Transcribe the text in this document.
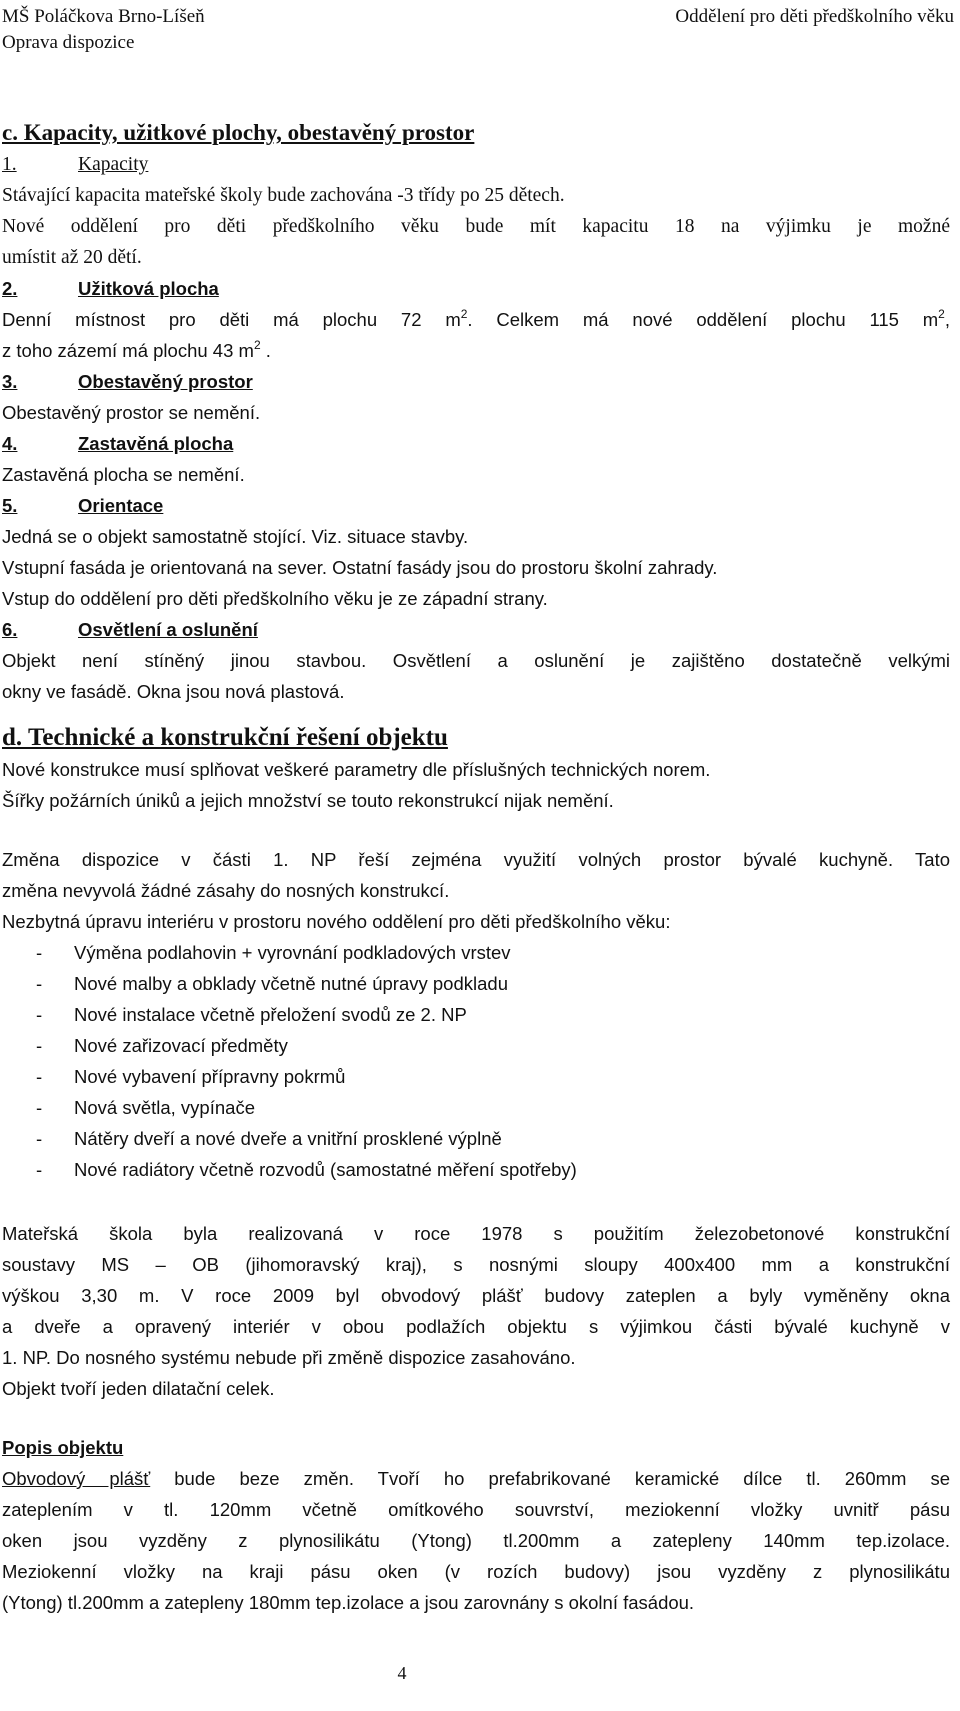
MŠ Poláčkova Brno-Líšeň
Oprava dispozice
Oddělení pro děti předškolního věku
c. Kapacity, užitkové plochy, obestavěný prostor
1.	Kapacity

Stávající kapacita mateřské školy bude zachována -3 třídy po 25 dětech.

Nové oddělení pro děti předškolního věku bude mít kapacitu 18 na výjimku je možné

umístit až 20 dětí.

2.	Užitková plocha

Denní místnost pro děti má plochu 72 $m^2$. Celkem má nové oddělení plochu 115 $m^2$,

z toho zázemí má plochu 43 $m^2$ .

3.	Obestavěný prostor

Obestavěný prostor se nemění.

4.	Zastavěná plocha

Zastavěná plocha se nemění.

5.	Orientace

Jedná se o objekt samostatně stojící. Viz. situace stavby.

Vstupní fasáda je orientovaná na sever. Ostatní fasády jsou do prostoru školní zahrady.

Vstup do oddělení pro děti předškolního věku je ze západní strany.

6.	Osvětlení a oslunění

Objekt není stíněný jinou stavbou. Osvětlení a oslunění je zajištěno dostatečně velkými

okny ve fasádě. Okna jsou nová plastová.

d. Technické a konstrukční řešení objektu

Nové konstrukce musí splňovat veškeré parametry dle příslušných technických norem.

Šířky požárních úniků a jejich množství se touto rekonstrukcí nijak nemění.

Změna dispozice v části 1. NP řeší zejména využití volných prostor bývalé kuchyně. Tato

změna nevyvolá žádné zásahy do nosných konstrukcí.

Nezbytná úpravu interiéru v prostoru nového oddělení pro děti předškolního věku:

-	Výměna podlahovin + vyrovnání podkladových vrstev
-	Nové malby a obklady včetně nutné úpravy podkladu
-	Nové instalace včetně přeložení svodů ze 2. NP
-	Nové zařizovací předměty
-	Nové vybavení přípravny pokrmů
-	Nová světla, vypínače
-	Nátěry dveří a nové dveře a vnitřní prosklené výplně
-	Nové radiátory včetně rozvodů (samostatné měření spotřeby)

Mateřská škola byla realizovaná v roce 1978 s použitím železobetonové konstrukční

soustavy MS – OB (jihomoravský kraj), s nosnými sloupy 400x400 mm a konstrukční

výškou 3,30 m. V roce 2009 byl obvodový plášť budovy zateplen a byly vyměněny okna

a dveře a opravený interiér v obou podlažích objektu s výjimkou části bývalé kuchyně v

1. NP. Do nosného systému nebude při změně dispozice zasahováno.

Objekt tvoří jeden dilatační celek.

Popis objektu

Obvodový plášť bude beze změn. Tvoří ho prefabrikované keramické dílce tl. 260mm se

zateplením v tl. 120mm včetně omítkového souvrství, meziokenní vložky uvnitř pásu

oken jsou vyzděny z plynosilikátu (Ytong) tl.200mm a zatepleny 140mm tep.izolace.

Meziokenní vložky na kraji pásu oken (v rozích budovy) jsou vyzděny z plynosilikátu

(Ytong) tl.200mm a zatepleny 180mm tep.izolace a jsou zarovnány s okolní fasádou.

4
